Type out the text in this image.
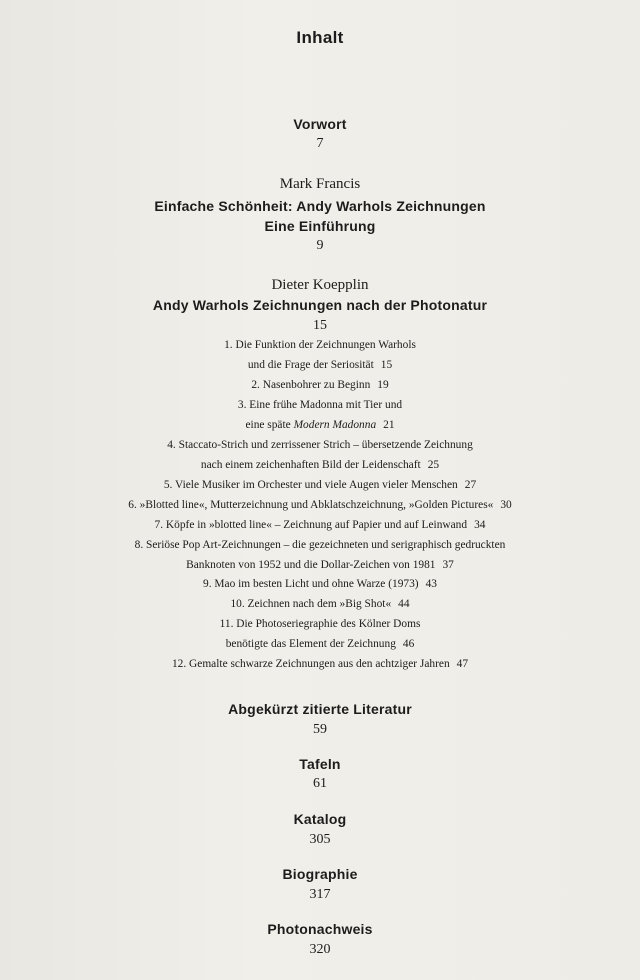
Inhalt
Vorwort
7
Mark Francis
Einfache Schönheit: Andy Warhols Zeichnungen
Eine Einführung
9
Dieter Koepplin
Andy Warhols Zeichnungen nach der Photonatur
15
1. Die Funktion der Zeichnungen Warhols
und die Frage der Seriosität 15
2. Nasenbohrer zu Beginn 19
3. Eine frühe Madonna mit Tier und
eine späte Modern Madonna 21
4. Staccato-Strich und zerrissener Strich – übersetzende Zeichnung
nach einem zeichenhaften Bild der Leidenschaft 25
5. Viele Musiker im Orchester und viele Augen vieler Menschen 27
6. »Blotted line«, Mutterzeichnung und Abklatschzeichnung, »Golden Pictures« 30
7. Köpfe in »blotted line« – Zeichnung auf Papier und auf Leinwand 34
8. Seriöse Pop Art-Zeichnungen – die gezeichneten und serigraphisch gedruckten
Banknoten von 1952 und die Dollar-Zeichen von 1981 37
9. Mao im besten Licht und ohne Warze (1973) 43
10. Zeichnen nach dem »Big Shot« 44
11. Die Photoseriegraphie des Kölner Doms
benötigte das Element der Zeichnung 46
12. Gemalte schwarze Zeichnungen aus den achtziger Jahren 47
Abgekürzt zitierte Literatur
59
Tafeln
61
Katalog
305
Biographie
317
Photonachweis
320
